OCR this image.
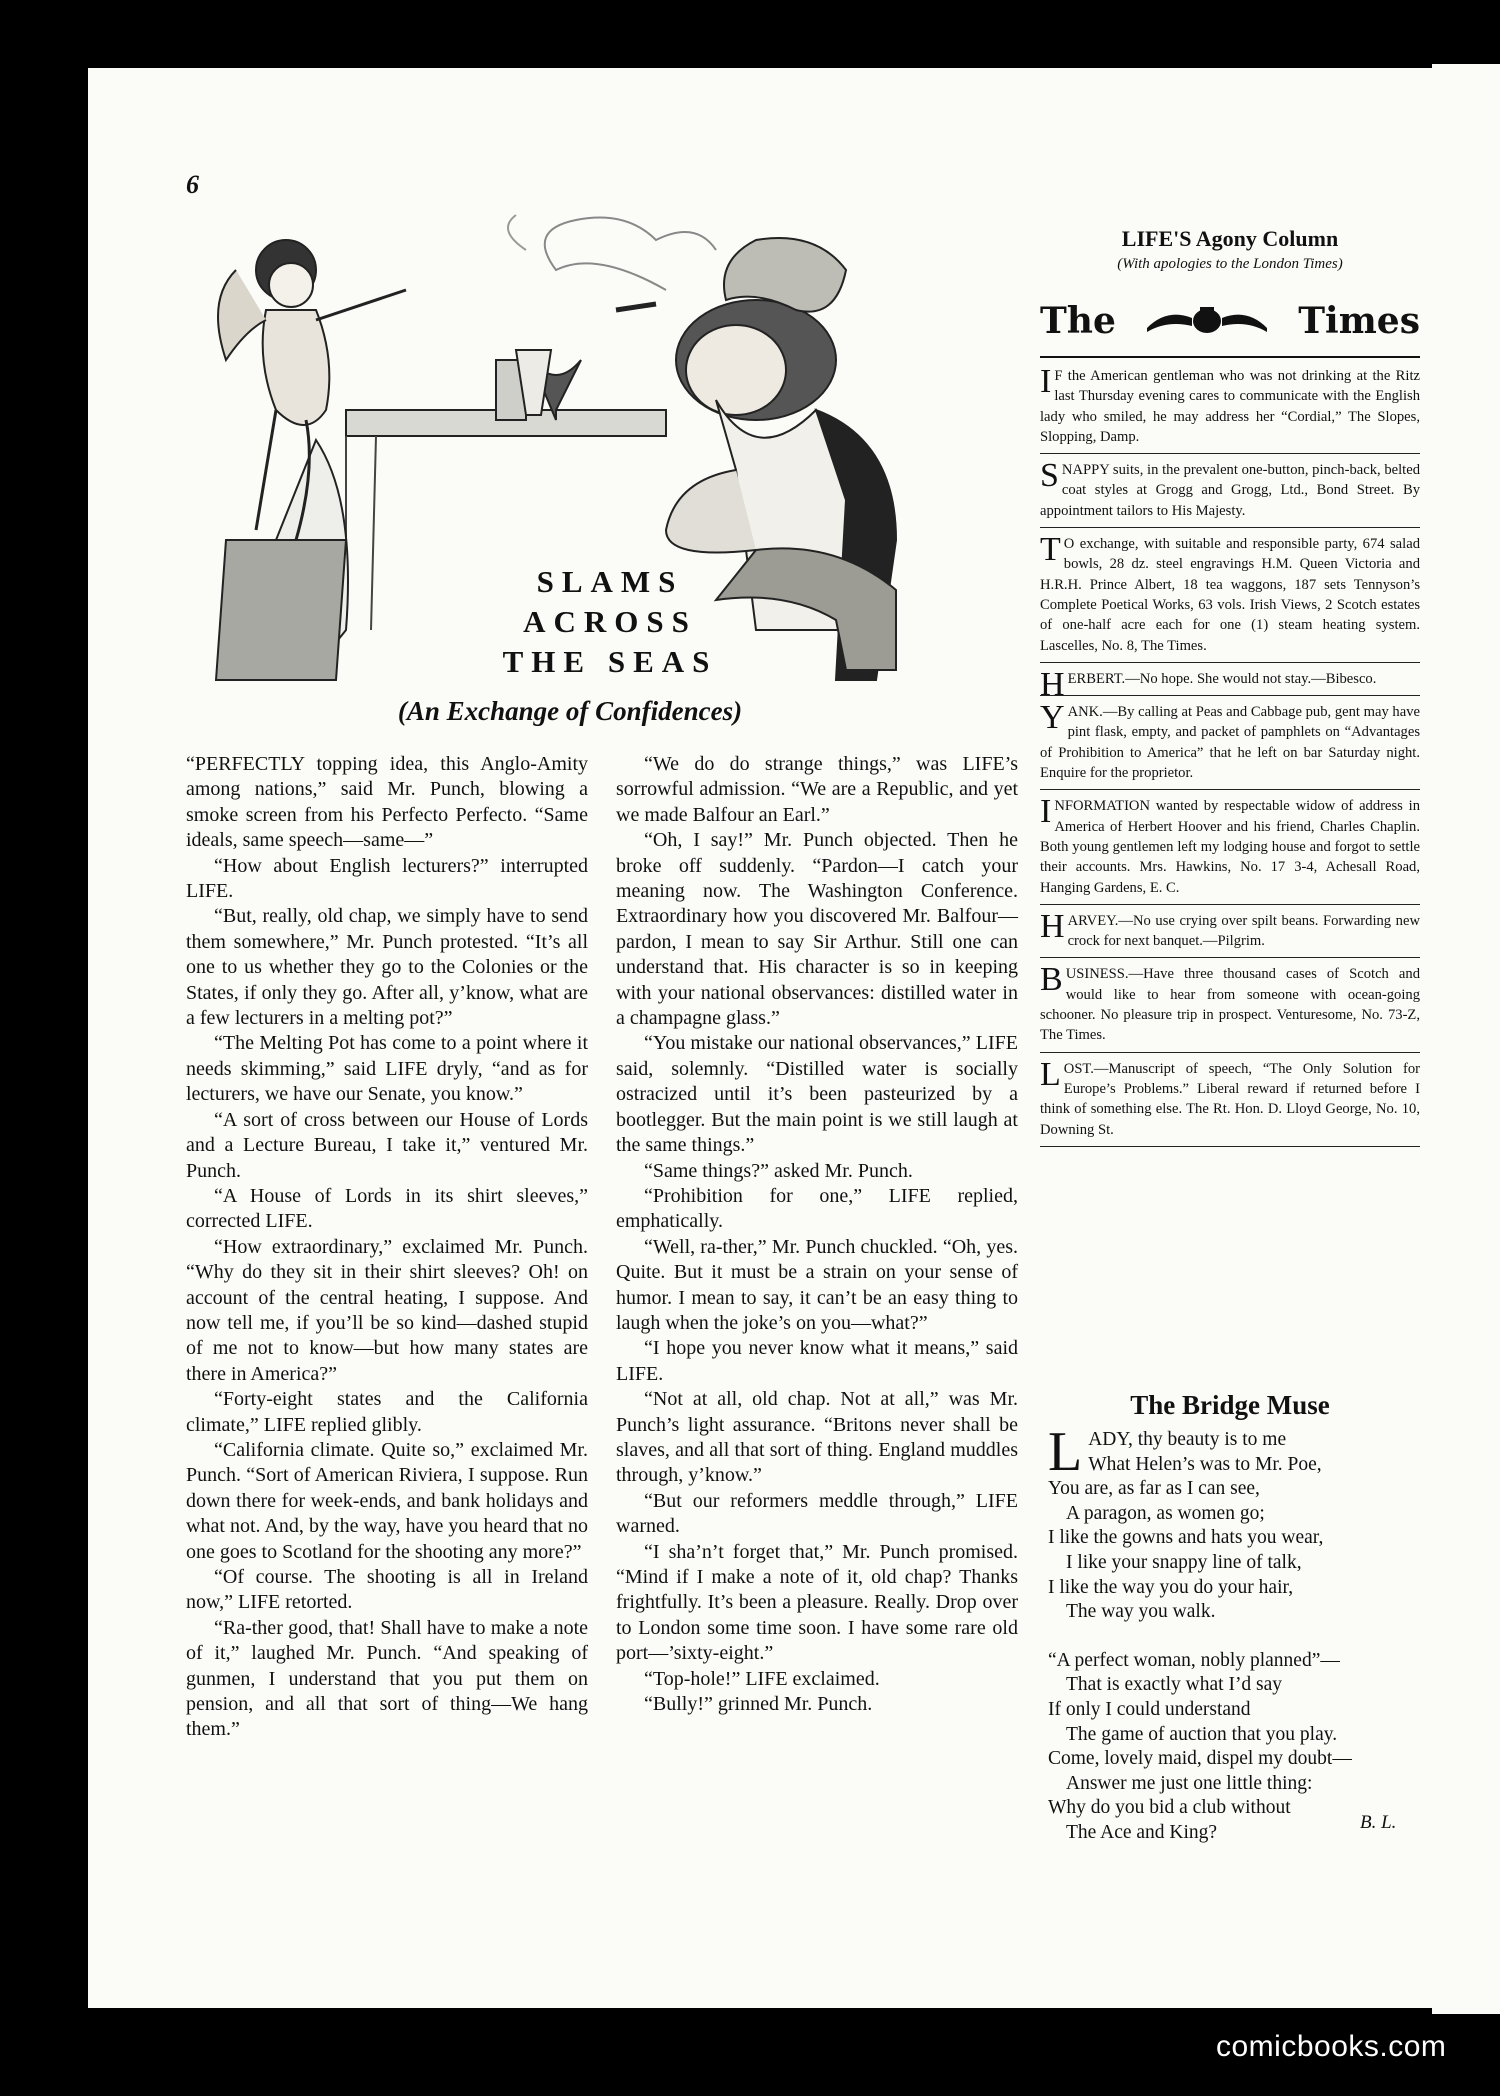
6
SLAMS
ACROSS
THE SEAS
(An Exchange of Confidences)

“PERFECTLY topping idea, this Anglo-Amity among nations,” said Mr. Punch, blowing a smoke screen from his Perfecto Perfecto. “Same ideals, same speech—same—”

“How about English lecturers?” interrupted LIFE.

“But, really, old chap, we simply have to send them somewhere,” Mr. Punch protested. “It’s all one to us whether they go to the Colonies or the States, if only they go. After all, y’know, what are a few lecturers in a melting pot?”

“The Melting Pot has come to a point where it needs skimming,” said LIFE dryly, “and as for lecturers, we have our Senate, you know.”

“A sort of cross between our House of Lords and a Lecture Bureau, I take it,” ventured Mr. Punch.

“A House of Lords in its shirt sleeves,” corrected LIFE.

“How extraordinary,” exclaimed Mr. Punch. “Why do they sit in their shirt sleeves? Oh! on account of the central heating, I suppose. And now tell me, if you’ll be so kind—dashed stupid of me not to know—but how many states are there in America?”

“Forty-eight states and the California climate,” LIFE replied glibly.

“California climate. Quite so,” exclaimed Mr. Punch. “Sort of American Riviera, I suppose. Run down there for week-ends, and bank holidays and what not. And, by the way, have you heard that no one goes to Scotland for the shooting any more?”

“Of course. The shooting is all in Ireland now,” LIFE retorted.

“Ra-ther good, that! Shall have to make a note of it,” laughed Mr. Punch. “And speaking of gunmen, I understand that you put them on pension, and all that sort of thing—We hang them.”

“We do do strange things,” was LIFE’s sorrowful admission. “We are a Republic, and yet we made Balfour an Earl.”

“Oh, I say!” Mr. Punch objected. Then he broke off suddenly. “Pardon—I catch your meaning now. The Washington Conference. Extraordinary how you discovered Mr. Balfour—pardon, I mean to say Sir Arthur. Still one can understand that. His character is so in keeping with your national observances: distilled water in a champagne glass.”

“You mistake our national observances,” LIFE said, solemnly. “Distilled water is socially ostracized until it’s been pasteurized by a bootlegger. But the main point is we still laugh at the same things.”

“Same things?” asked Mr. Punch.

“Prohibition for one,” LIFE replied, emphatically.

“Well, ra-ther,” Mr. Punch chuckled. “Oh, yes. Quite. But it must be a strain on your sense of humor. I mean to say, it can’t be an easy thing to laugh when the joke’s on you—what?”

“I hope you never know what it means,” said LIFE.

“Not at all, old chap. Not at all,” was Mr. Punch’s light assurance. “Britons never shall be slaves, and all that sort of thing. England muddles through, y’know.”

“But our reformers meddle through,” LIFE warned.

“I sha’n’t forget that,” Mr. Punch promised. “Mind if I make a note of it, old chap? Thanks frightfully. It’s been a pleasure. Really. Drop over to London some time soon. I have some rare old port—’sixty-eight.”

“Top-hole!” LIFE exclaimed.

“Bully!” grinned Mr. Punch.

LIFE'S Agony Column
(With apologies to the London Times)
The	Times
I F the American gentleman who was not drinking at the Ritz last Thursday evening cares to communicate with the English lady who smiled, he may address her “Cordial,” The Slopes, Slopping, Damp.
SNAPPY suits, in the prevalent one-button, pinch-back, belted coat styles at Grogg and Grogg, Ltd., Bond Street. By appointment tailors to His Majesty.
T O exchange, with suitable and responsible party, 674 salad bowls, 28 dz. steel engravings H.M. Queen Victoria and H.R.H. Prince Albert, 18 tea waggons, 187 sets Tennyson’s Complete Poetical Works, 63 vols. Irish Views, 2 Scotch estates of one-half acre each for one (1) steam heating system. Lascelles, No. 8, The Times.
HERBERT.—No hope. She would not stay.—Bibesco.
YANK.—By calling at Peas and Cabbage pub, gent may have pint flask, empty, and packet of pamphlets on “Advantages of Prohibition to America” that he left on bar Saturday night. Enquire for the proprietor.
INFORMATION wanted by respectable widow of address in America of Herbert Hoover and his friend, Charles Chaplin. Both young gentlemen left my lodging house and forgot to settle their accounts. Mrs. Hawkins, No. 17 3-4, Achesall Road, Hanging Gardens, E. C.
HARVEY.—No use crying over spilt beans. Forwarding new crock for next banquet.—Pilgrim.
BUSINESS.—Have three thousand cases of Scotch and would like to hear from someone with ocean-going schooner. No pleasure trip in prospect. Venturesome, No. 73-Z, The Times.
LOST.—Manuscript of speech, “The Only Solution for Europe’s Problems.” Liberal reward if returned before I think of something else. The Rt. Hon. D. Lloyd George, No. 10, Downing St.
The Bridge Muse
L ADY, thy beauty is to me
What Helen’s was to Mr. Poe,
You are, as far as I can see,
A paragon, as women go;
I like the gowns and hats you wear,
I like your snappy line of talk,
I like the way you do your hair,
The way you walk.
“A perfect woman, nobly planned”—
That is exactly what I’d say
If only I could understand
The game of auction that you play.
Come, lovely maid, dispel my doubt—
Answer me just one little thing:
Why do you bid a club without
The Ace and King?	B. L.
comicbooks.com
